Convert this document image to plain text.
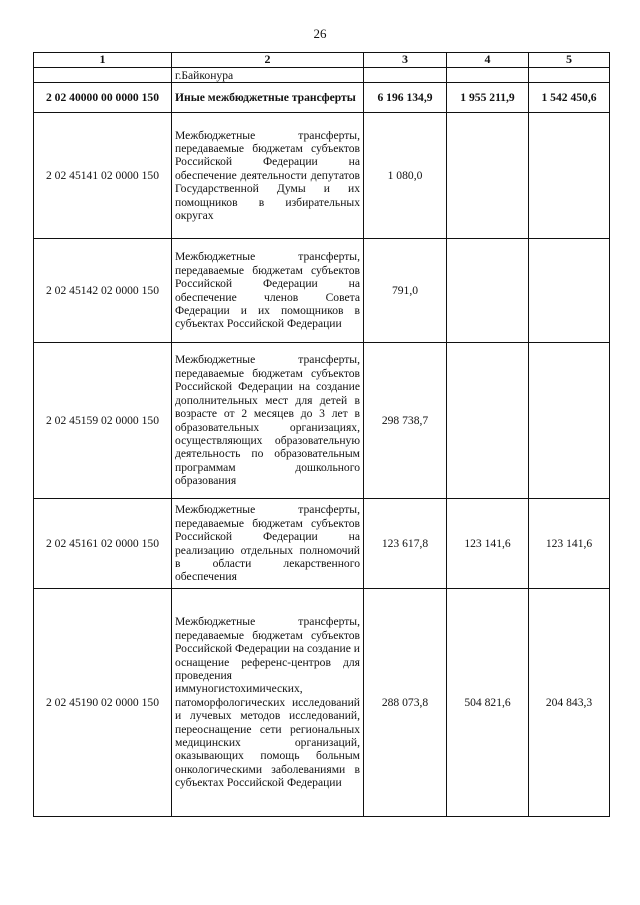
26
1	2	3	4	5
	г.Байконура			
2 02 40000 00 0000 150	Иные межбюджетные трансферты	6 196 134,9	1 955 211,9	1 542 450,6
2 02 45141 02 0000 150	Межбюджетные трансферты, передаваемые бюджетам субъектов Российской Федерации на обеспечение деятельности депутатов Государственной Думы и их помощников в избирательных округах	1 080,0		
2 02 45142 02 0000 150	Межбюджетные трансферты, передаваемые бюджетам субъектов Российской Федерации на обеспечение членов Совета Федерации и их помощников в субъектах Российской Федерации	791,0		
2 02 45159 02 0000 150	Межбюджетные трансферты, передаваемые бюджетам субъектов Российской Федерации на создание дополнительных мест для детей в возрасте от 2 месяцев до 3 лет в образовательных организациях, осуществляющих образовательную деятельность по образовательным программам дошкольного образования	298 738,7		
2 02 45161 02 0000 150	Межбюджетные трансферты, передаваемые бюджетам субъектов Российской Федерации на реализацию отдельных полномочий в области лекарственного обеспечения	123 617,8	123 141,6	123 141,6
2 02 45190 02 0000 150	Межбюджетные трансферты, передаваемые бюджетам субъектов Российской Федерации на создание и оснащение референс-центров для проведения иммуногистохимических, патоморфологических исследований и лучевых методов исследований, переоснащение сети региональных медицинских организаций, оказывающих помощь больным онкологическими заболеваниями в субъектах Российской Федерации	288 073,8	504 821,6	204 843,3
